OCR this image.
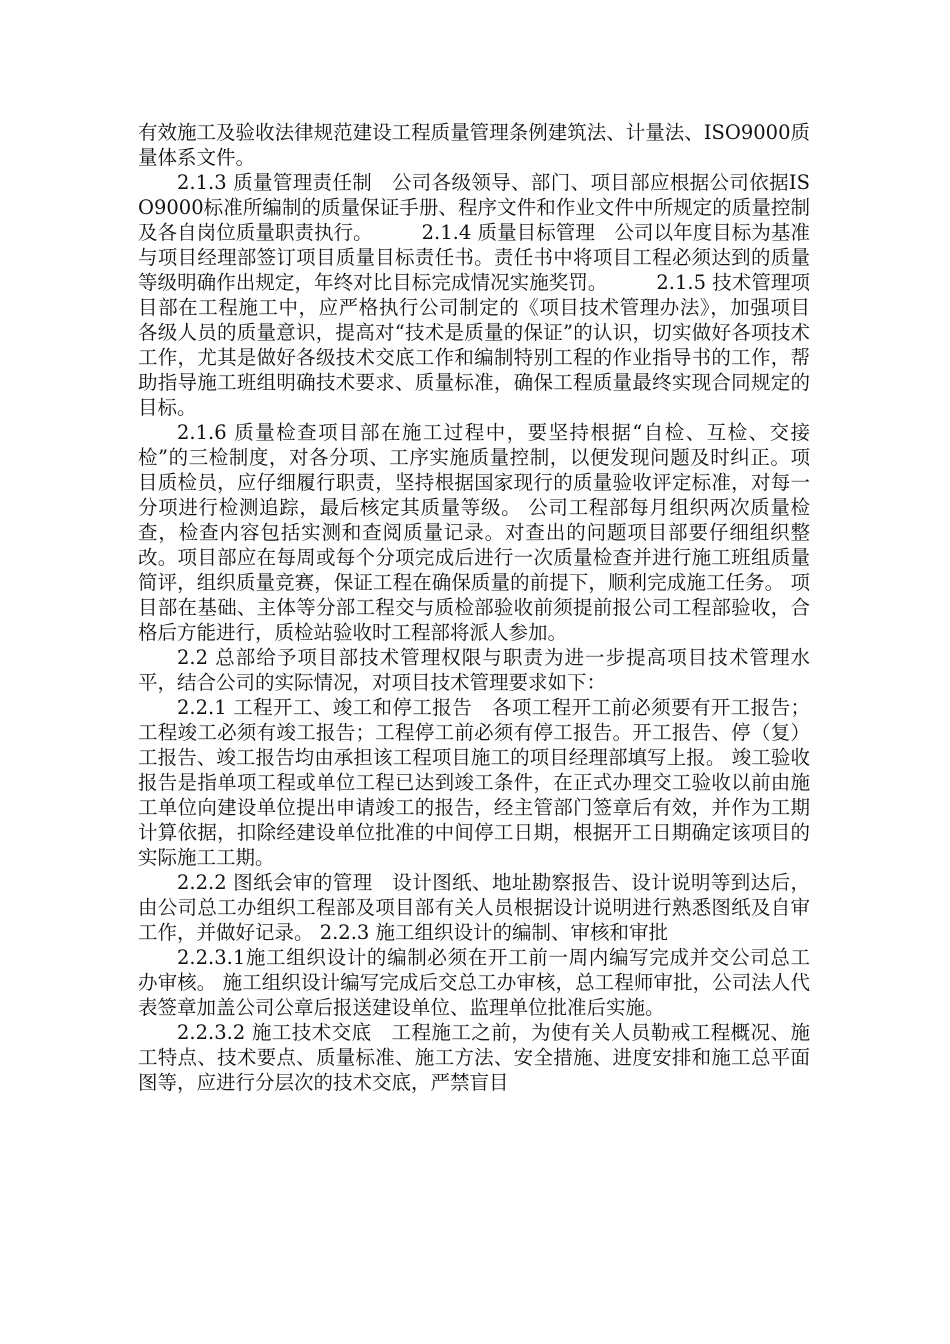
有效施工及验收法律规范建设工程质量管理条例建筑法、计量法、ISO9000质量体系文件。

2.1.3 质量管理责任制　公司各级领导、部门、项目部应根据公司依据ISO9000标准所编制的质量保证手册、程序文件和作业文件中所规定的质量控制及各自岗位质量职责执行。　　　2.1.4 质量目标管理　公司以年度目标为基准与项目经理部签订项目质量目标责任书。责任书中将项目工程必须达到的质量等级明确作出规定，年终对比目标完成情况实施奖罚。　　　2.1.5 技术管理项目部在工程施工中，应严格执行公司制定的《项目技术管理办法》，加强项目各级人员的质量意识，提高对“技术是质量的保证”的认识，切实做好各项技术工作，尤其是做好各级技术交底工作和编制特别工程的作业指导书的工作，帮助指导施工班组明确技术要求、质量标准，确保工程质量最终实现合同规定的目标。

2.1.6 质量检查项目部在施工过程中，要坚持根据“自检、互检、交接检”的三检制度，对各分项、工序实施质量控制，以便发现问题及时纠正。项目质检员，应仔细履行职责，坚持根据国家现行的质量验收评定标准，对每一分项进行检测追踪，最后核定其质量等级。 公司工程部每月组织两次质量检查，检查内容包括实测和查阅质量记录。对查出的问题项目部要仔细组织整改。项目部应在每周或每个分项完成后进行一次质量检查并进行施工班组质量简评，组织质量竞赛，保证工程在确保质量的前提下，顺利完成施工任务。 项目部在基础、主体等分部工程交与质检部验收前须提前报公司工程部验收，合格后方能进行，质检站验收时工程部将派人参加。

2.2 总部给予项目部技术管理权限与职责为进一步提高项目技术管理水平，结合公司的实际情况，对项目技术管理要求如下：

2.2.1 工程开工、竣工和停工报告　各项工程开工前必须要有开工报告；工程竣工必须有竣工报告；工程停工前必须有停工报告。开工报告、停（复）工报告、竣工报告均由承担该工程项目施工的项目经理部填写上报。 竣工验收报告是指单项工程或单位工程已达到竣工条件，在正式办理交工验收以前由施工单位向建设单位提出申请竣工的报告，经主管部门签章后有效，并作为工期计算依据，扣除经建设单位批准的中间停工日期，根据开工日期确定该项目的实际施工工期。

2.2.2 图纸会审的管理　设计图纸、地址勘察报告、设计说明等到达后，由公司总工办组织工程部及项目部有关人员根据设计说明进行熟悉图纸及自审工作，并做好记录。 2.2.3 施工组织设计的编制、审核和审批

2.2.3.1施工组织设计的编制必须在开工前一周内编写完成并交公司总工办审核。 施工组织设计编写完成后交总工办审核，总工程师审批，公司法人代表签章加盖公司公章后报送建设单位、监理单位批准后实施。

2.2.3.2 施工技术交底　工程施工之前，为使有关人员勒戒工程概况、施工特点、技术要点、质量标准、施工方法、安全措施、进度安排和施工总平面图等，应进行分层次的技术交底，严禁盲目
